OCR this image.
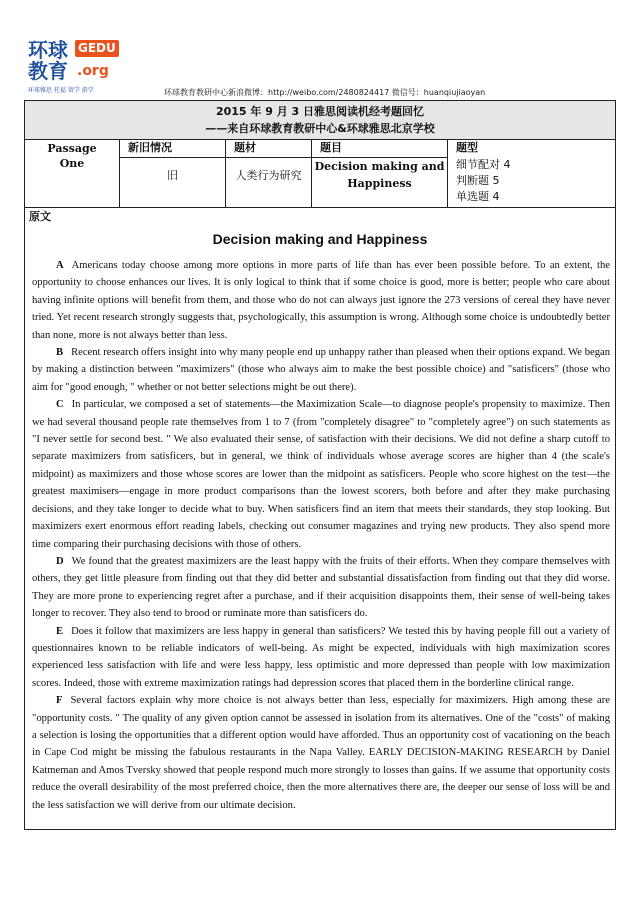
环球
教育
GEDU
.org
环球雅思 托福 留学 游学	环球教育教研中心新浪微博：http://weibo.com/2480824417 微信号：huanqiujiaoyan
2015 年 9 月 3 日雅思阅读机经考题回忆
——来自环球教育教研中心&环球雅思北京学校
Passage One
新旧情况
旧
题材
人类行为研究
题目
Decision making and Happiness
题型
细节配对 4
判断题 5
单选题 4
原文
Decision making and Happiness

A Americans today choose among more options in more parts of life than has ever been possible before. To an extent, the opportunity to choose enhances our lives. It is only logical to think that if some choice is good, more is better; people who care about having infinite options will benefit from them, and those who do not can always just ignore the 273 versions of cereal they have never tried. Yet recent research strongly suggests that, psychologically, this assumption is wrong. Although some choice is undoubtedly better than none, more is not always better than less.

B Recent research offers insight into why many people end up unhappy rather than pleased when their options expand. We began by making a distinction between "maximizers" (those who always aim to make the best possible choice) and "satisficers" (those who aim for "good enough, " whether or not better selections might be out there).

C In particular, we composed a set of statements—the Maximization Scale—to diagnose people's propensity to maximize. Then we had several thousand people rate themselves from 1 to 7 (from "completely disagree" to "completely agree") on such statements as "I never settle for second best. " We also evaluated their sense, of satisfaction with their decisions. We did not define a sharp cutoff to separate maximizers from satisficers, but in general, we think of individuals whose average scores are higher than 4 (the scale's midpoint) as maximizers and those whose scores are lower than the midpoint as satisficers. People who score highest on the test—the greatest maximisers—engage in more product comparisons than the lowest scorers, both before and after they make purchasing decisions, and they take longer to decide what to buy. When satisficers find an item that meets their standards, they stop looking. But maximizers exert enormous effort reading labels, checking out consumer magazines and trying new products. They also spend more time comparing their purchasing decisions with those of others.

D We found that the greatest maximizers are the least happy with the fruits of their efforts. When they compare themselves with others, they get little pleasure from finding out that they did better and substantial dissatisfaction from finding out that they did worse. They are more prone to experiencing regret after a purchase, and if their acquisition disappoints them, their sense of well-being takes longer to recover. They also tend to brood or ruminate more than satisficers do.

E Does it follow that maximizers are less happy in general than satisficers? We tested this by having people fill out a variety of questionnaires known to be reliable indicators of well-being. As might be expected, individuals with high maximization scores experienced less satisfaction with life and were less happy, less optimistic and more depressed than people with low maximization scores. Indeed, those with extreme maximization ratings had depression scores that placed them in the borderline clinical range.

F Several factors explain why more choice is not always better than less, especially for maximizers. High among these are "opportunity costs. " The quality of any given option cannot be assessed in isolation from its alternatives. One of the "costs" of making a selection is losing the opportunities that a different option would have afforded. Thus an opportunity cost of vacationing on the beach in Cape Cod might be missing the fabulous restaurants in the Napa Valley. EARLY DECISION-MAKING RESEARCH by Daniel Katmeman and Amos Tversky showed that people respond much more strongly to losses than gains. If we assume that opportunity costs reduce the overall desirability of the most preferred choice, then the more alternatives there are, the deeper our sense of loss will be and the less satisfaction we will derive from our ultimate decision.
